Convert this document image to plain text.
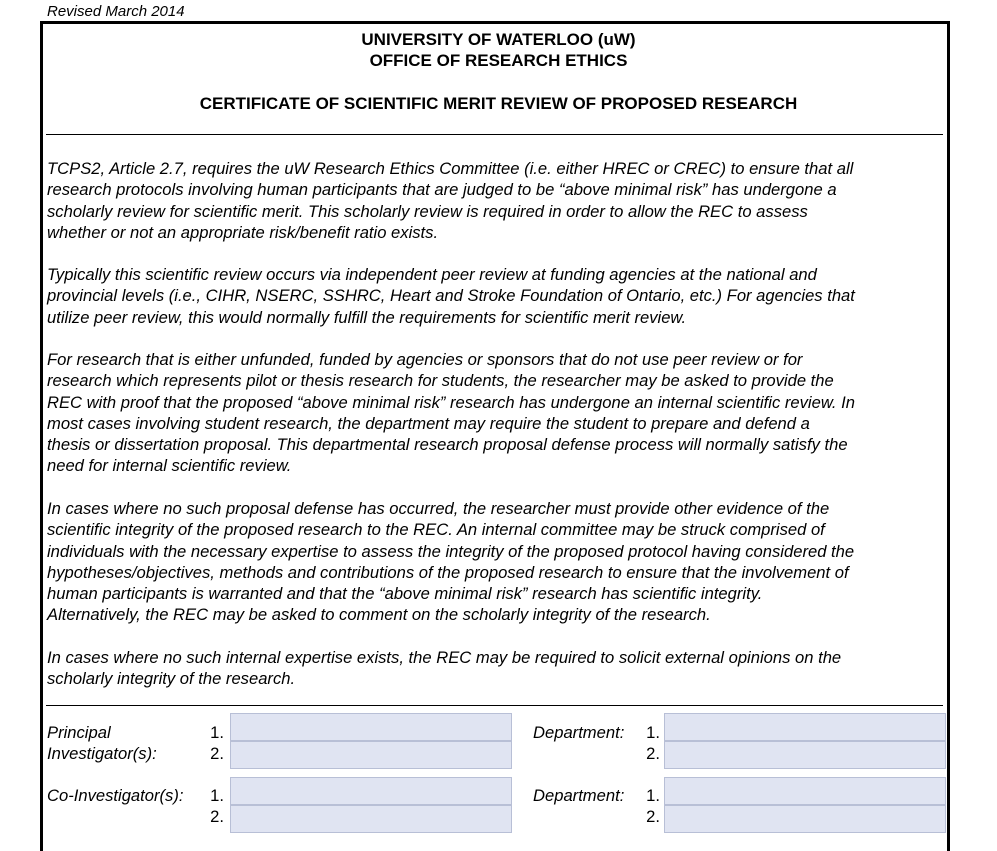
Revised March 2014
UNIVERSITY OF WATERLOO (uW)
OFFICE OF RESEARCH ETHICS
CERTIFICATE OF SCIENTIFIC MERIT REVIEW OF PROPOSED RESEARCH
TCPS2, Article 2.7, requires the uW Research Ethics Committee (i.e. either HREC or CREC) to ensure that all
research protocols involving human participants that are judged to be “above minimal risk” has undergone a
scholarly review for scientific merit. This scholarly review is required in order to allow the REC to assess
whether or not an appropriate risk/benefit ratio exists.
Typically this scientific review occurs via independent peer review at funding agencies at the national and
provincial levels (i.e., CIHR, NSERC, SSHRC, Heart and Stroke Foundation of Ontario, etc.) For agencies that
utilize peer review, this would normally fulfill the requirements for scientific merit review.
For research that is either unfunded, funded by agencies or sponsors that do not use peer review or for
research which represents pilot or thesis research for students, the researcher may be asked to provide the
REC with proof that the proposed “above minimal risk” research has undergone an internal scientific review. In
most cases involving student research, the department may require the student to prepare and defend a
thesis or dissertation proposal. This departmental research proposal defense process will normally satisfy the
need for internal scientific review.
In cases where no such proposal defense has occurred, the researcher must provide other evidence of the
scientific integrity of the proposed research to the REC. An internal committee may be struck comprised of
individuals with the necessary expertise to assess the integrity of the proposed protocol having considered the
hypotheses/objectives, methods and contributions of the proposed research to ensure that the involvement of
human participants is warranted and that the “above minimal risk” research has scientific integrity.
Alternatively, the REC may be asked to comment on the scholarly integrity of the research.
In cases where no such internal expertise exists, the REC may be required to solicit external opinions on the
scholarly integrity of the research.
Principal
Investigator(s):
1.
2.
Department: 1.
2.
Co-Investigator(s): 1.
2.
Department: 1.
2.
